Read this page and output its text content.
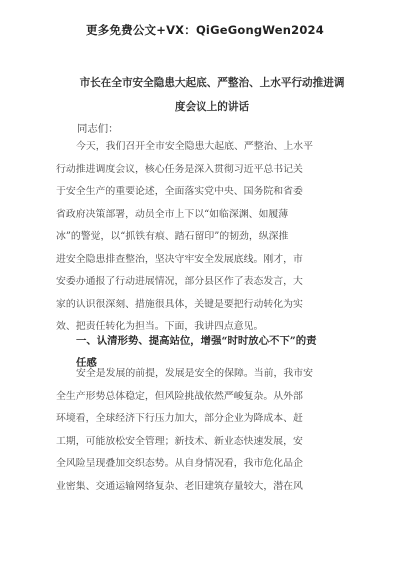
更多免费公文+VX：QiGeGongWen2024
市长在全市安全隐患大起底、严整治、上水平行动推进调
度会议上的讲话
同志们：
今天，我们召开全市安全隐患大起底、严整治、上水平
行动推进调度会议，核心任务是深入贯彻习近平总书记关
于安全生产的重要论述，全面落实党中央、国务院和省委
省政府决策部署，动员全市上下以“如临深渊、如履薄
冰”的警觉，以“抓铁有痕、踏石留印”的韧劲，纵深推
进安全隐患排查整治，坚决守牢安全发展底线。刚才，市
安委办通报了行动进展情况，部分县区作了表态发言，大
家的认识很深刻、措施很具体，关键是要把行动转化为实
效、把责任转化为担当。下面，我讲四点意见。
一、认清形势、提高站位，增强“时时放心不下”的责
任感
安全是发展的前提，发展是安全的保障。当前，我市安
全生产形势总体稳定，但风险挑战依然严峻复杂。从外部
环境看，全球经济下行压力加大，部分企业为降成本、赶
工期，可能放松安全管理；新技术、新业态快速发展，安
全风险呈现叠加交织态势。从自身情况看，我市危化品企
业密集、交通运输网络复杂、老旧建筑存量较大，潜在风
